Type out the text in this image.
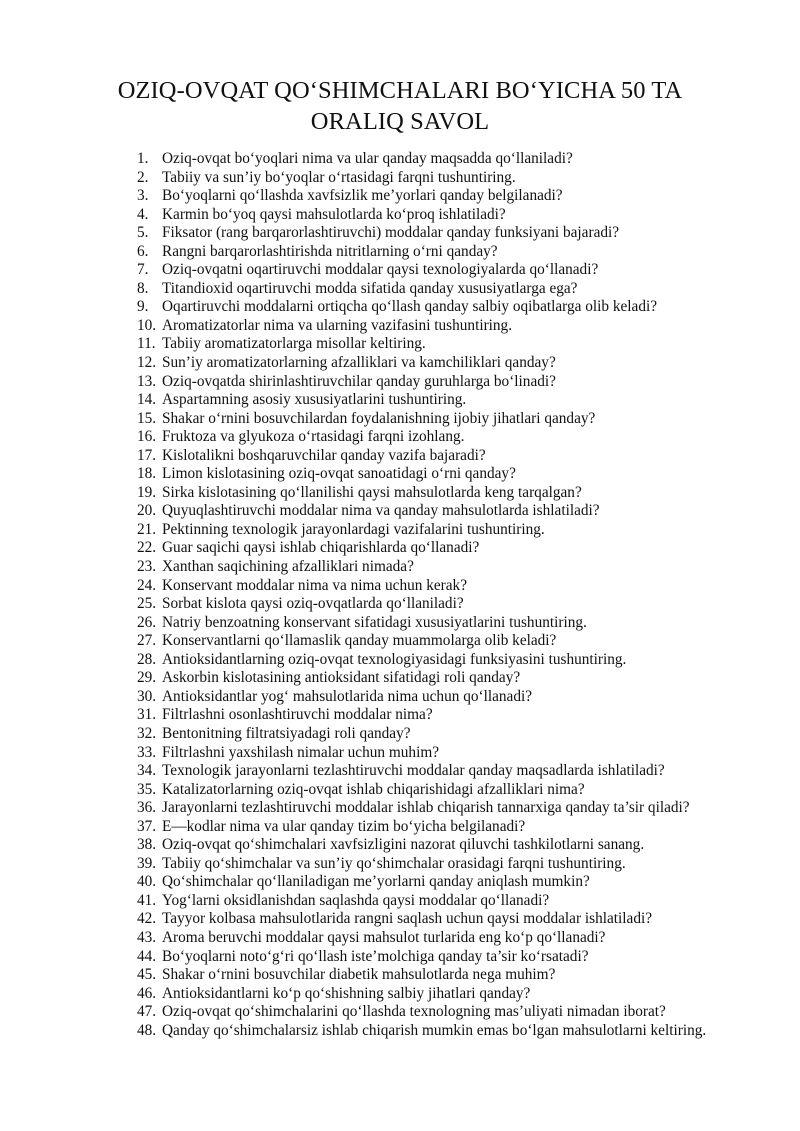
OZIQ-OVQAT QO‘SHIMCHALARI BO‘YICHA 50 TA
ORALIQ SAVOL
1. Oziq-ovqat bo‘yoqlari nima va ular qanday maqsadda qo‘llaniladi?
2. Tabiiy va sun’iy bo‘yoqlar o‘rtasidagi farqni tushuntiring.
3. Bo‘yoqlarni qo‘llashda xavfsizlik me’yorlari qanday belgilanadi?
4. Karmin bo‘yoq qaysi mahsulotlarda ko‘proq ishlatiladi?
5. Fiksator (rang barqarorlashtiruvchi) moddalar qanday funksiyani bajaradi?
6. Rangni barqarorlashtirishda nitritlarning o‘rni qanday?
7. Oziq-ovqatni oqartiruvchi moddalar qaysi texnologiyalarda qo‘llanadi?
8. Titandioxid oqartiruvchi modda sifatida qanday xususiyatlarga ega?
9. Oqartiruvchi moddalarni ortiqcha qo‘llash qanday salbiy oqibatlarga olib keladi?
10. Aromatizatorlar nima va ularning vazifasini tushuntiring.
11. Tabiiy aromatizatorlarga misollar keltiring.
12. Sun’iy aromatizatorlarning afzalliklari va kamchiliklari qanday?
13. Oziq-ovqatda shirinlashtiruvchilar qanday guruhlarga bo‘linadi?
14. Aspartamning asosiy xususiyatlarini tushuntiring.
15. Shakar o‘rnini bosuvchilardan foydalanishning ijobiy jihatlari qanday?
16. Fruktoza va glyukoza o‘rtasidagi farqni izohlang.
17. Kislotalikni boshqaruvchilar qanday vazifa bajaradi?
18. Limon kislotasining oziq-ovqat sanoatidagi o‘rni qanday?
19. Sirka kislotasining qo‘llanilishi qaysi mahsulotlarda keng tarqalgan?
20. Quyuqlashtiruvchi moddalar nima va qanday mahsulotlarda ishlatiladi?
21. Pektinning texnologik jarayonlardagi vazifalarini tushuntiring.
22. Guar saqichi qaysi ishlab chiqarishlarda qo‘llanadi?
23. Xanthan saqichining afzalliklari nimada?
24. Konservant moddalar nima va nima uchun kerak?
25. Sorbat kislota qaysi oziq-ovqatlarda qo‘llaniladi?
26. Natriy benzoatning konservant sifatidagi xususiyatlarini tushuntiring.
27. Konservantlarni qo‘llamaslik qanday muammolarga olib keladi?
28. Antioksidantlarning oziq-ovqat texnologiyasidagi funksiyasini tushuntiring.
29. Askorbin kislotasining antioksidant sifatidagi roli qanday?
30. Antioksidantlar yog‘ mahsulotlarida nima uchun qo‘llanadi?
31. Filtrlashni osonlashtiruvchi moddalar nima?
32. Bentonitning filtratsiyadagi roli qanday?
33. Filtrlashni yaxshilash nimalar uchun muhim?
34. Texnologik jarayonlarni tezlashtiruvchi moddalar qanday maqsadlarda ishlatiladi?
35. Katalizatorlarning oziq-ovqat ishlab chiqarishidagi afzalliklari nima?
36. Jarayonlarni tezlashtiruvchi moddalar ishlab chiqarish tannarxiga qanday ta’sir qiladi?
37. E—kodlar nima va ular qanday tizim bo‘yicha belgilanadi?
38. Oziq-ovqat qo‘shimchalari xavfsizligini nazorat qiluvchi tashkilotlarni sanang.
39. Tabiiy qo‘shimchalar va sun’iy qo‘shimchalar orasidagi farqni tushuntiring.
40. Qo‘shimchalar qo‘llaniladigan me’yorlarni qanday aniqlash mumkin?
41. Yog‘larni oksidlanishdan saqlashda qaysi moddalar qo‘llanadi?
42. Tayyor kolbasa mahsulotlarida rangni saqlash uchun qaysi moddalar ishlatiladi?
43. Aroma beruvchi moddalar qaysi mahsulot turlarida eng ko‘p qo‘llanadi?
44. Bo‘yoqlarni noto‘g‘ri qo‘llash iste’molchiga qanday ta’sir ko‘rsatadi?
45. Shakar o‘rnini bosuvchilar diabetik mahsulotlarda nega muhim?
46. Antioksidantlarni ko‘p qo‘shishning salbiy jihatlari qanday?
47. Oziq-ovqat qo‘shimchalarini qo‘llashda texnologning mas’uliyati nimadan iborat?
48. Qanday qo‘shimchalarsiz ishlab chiqarish mumkin emas bo‘lgan mahsulotlarni keltiring.
